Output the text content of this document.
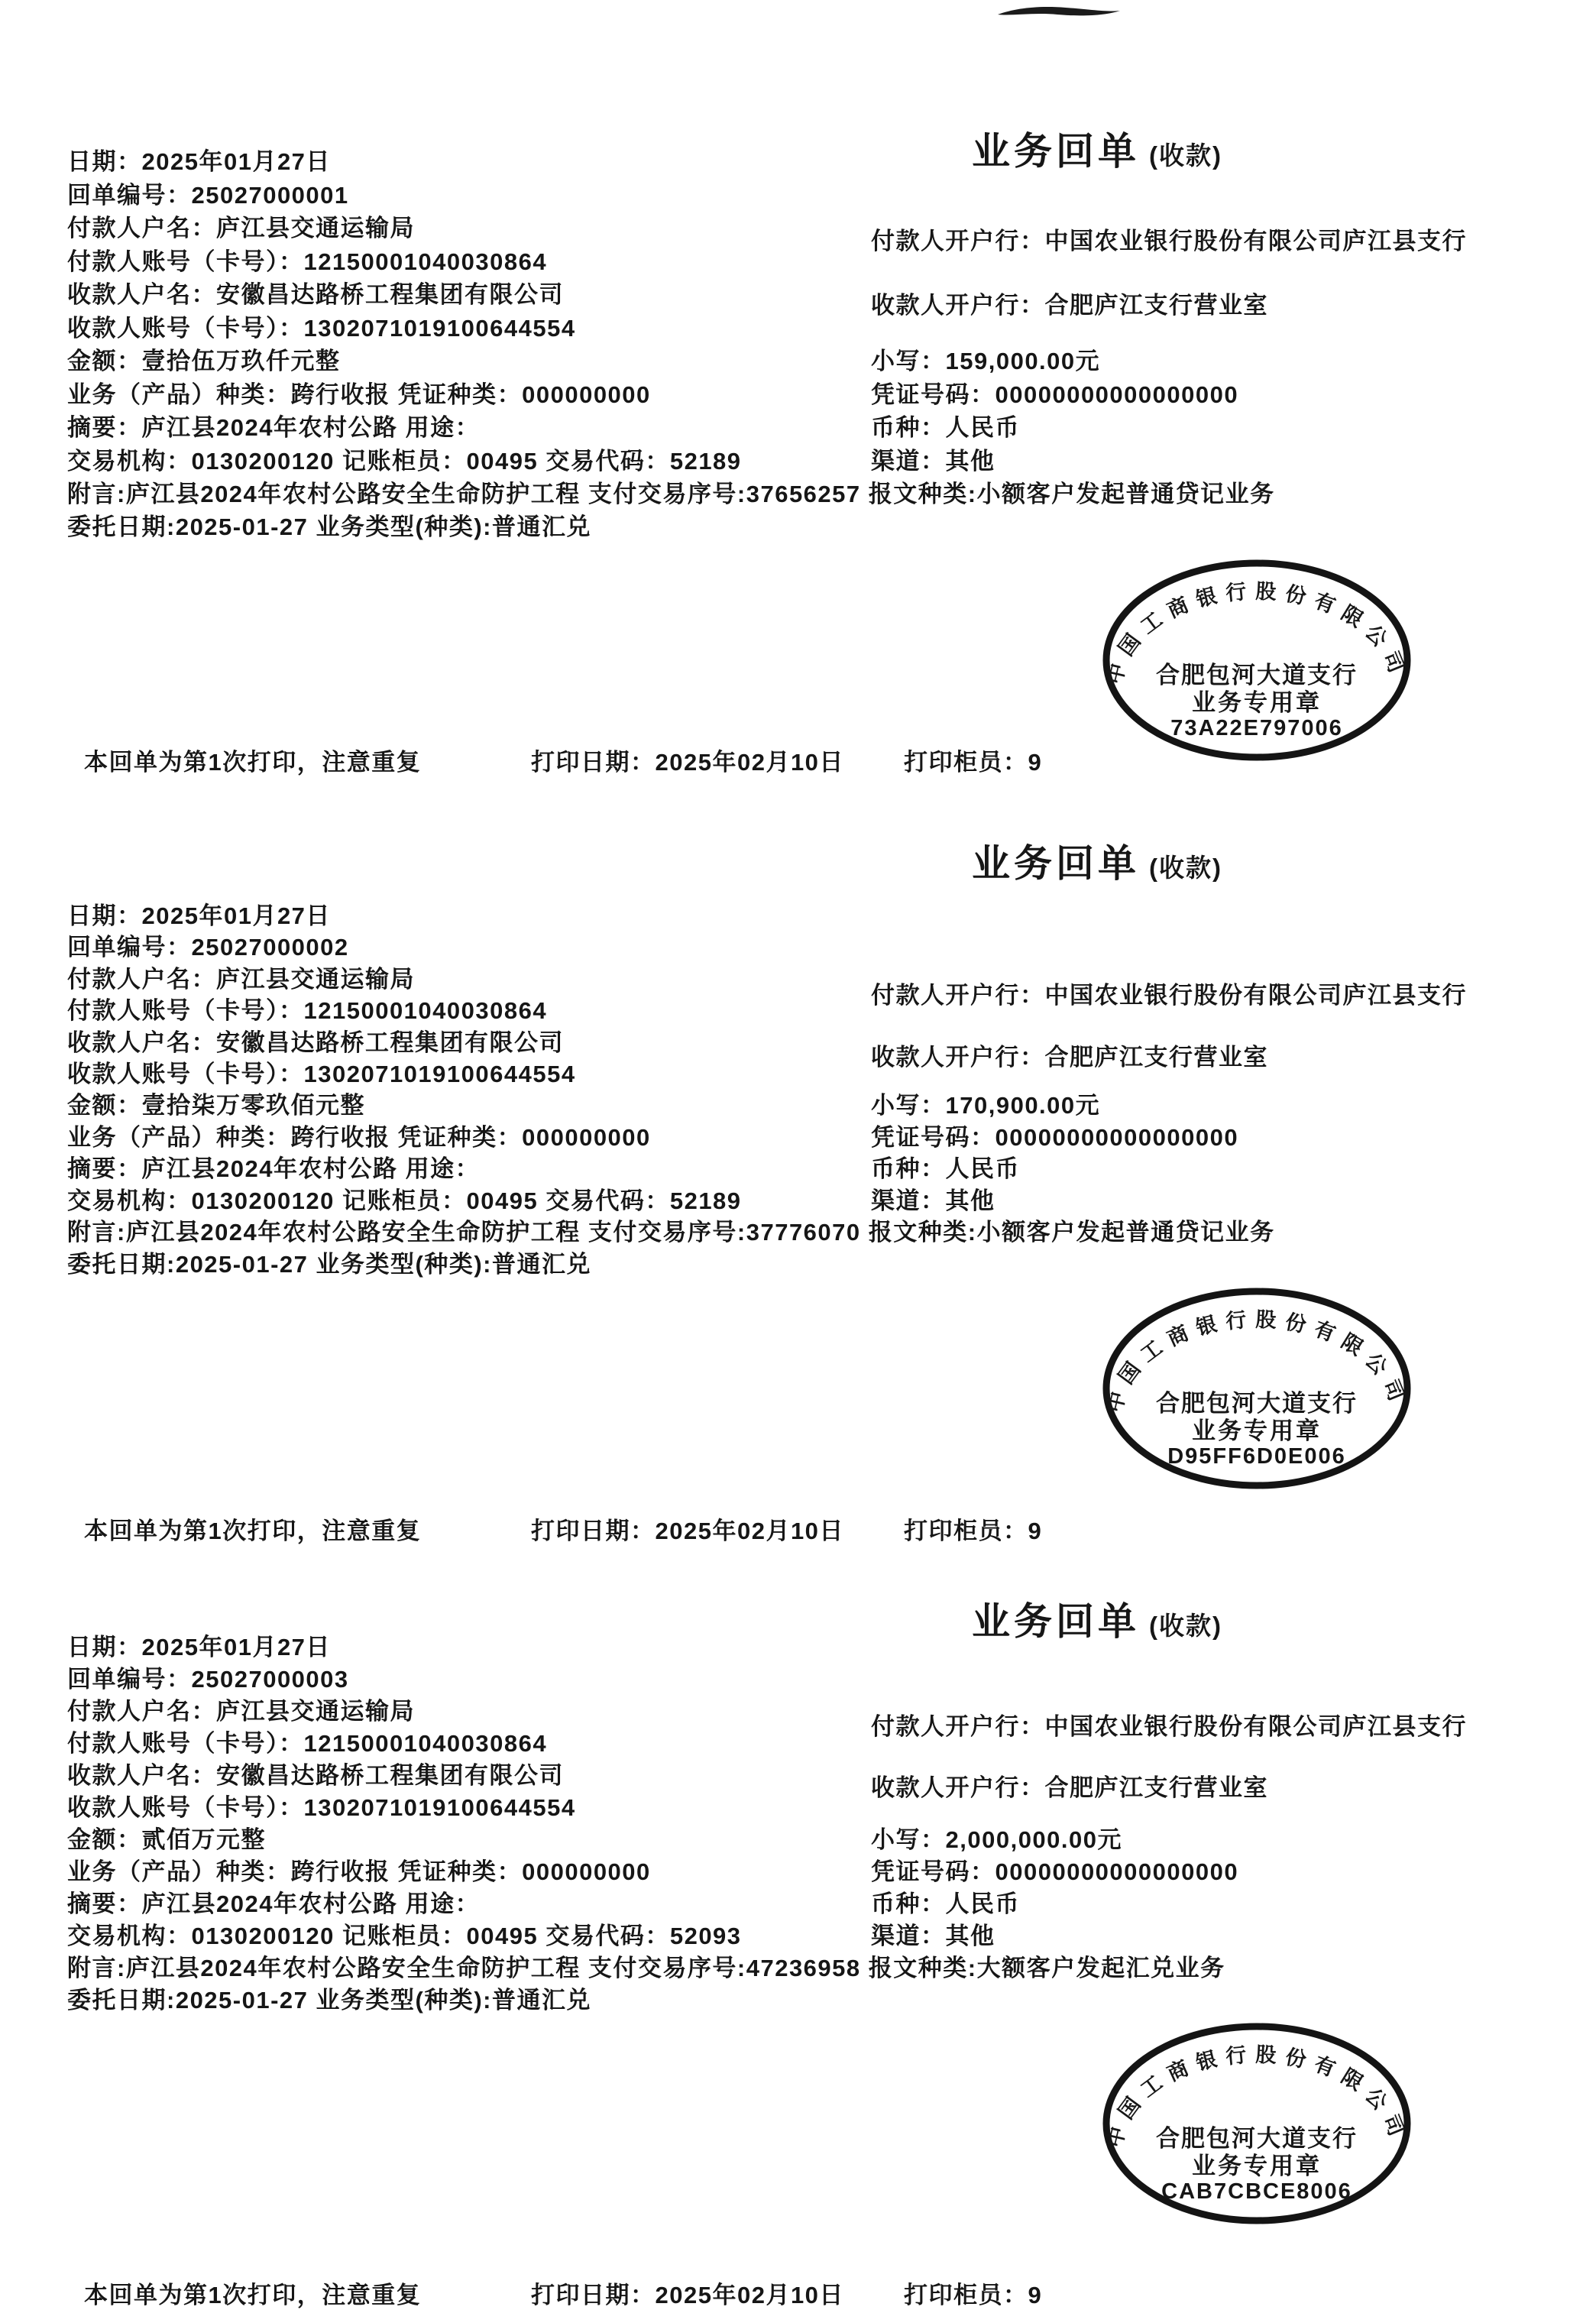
业务回单 (收款)
日期：2025年01月27日
回单编号：25027000001
付款人户名：庐江县交通运输局
付款人账号（卡号）：12150001040030864
收款人户名：安徽昌达路桥工程集团有限公司
收款人账号（卡号）：1302071019100644554
金额：壹拾伍万玖仟元整
业务（产品）种类：跨行收报 凭证种类：000000000
摘要：庐江县2024年农村公路 用途：
交易机构：0130200120 记账柜员：00495 交易代码：52189
附言:庐江县2024年农村公路安全生命防护工程 支付交易序号:37656257 报文种类:小额客户发起普通贷记业务
委托日期:2025-01-27 业务类型(种类):普通汇兑
付款人开户行：中国农业银行股份有限公司庐江县支行
收款人开户行：合肥庐江支行营业室
小写：159,000.00元
凭证号码：00000000000000000
币种：人民币
渠道：其他
中国工商银行股份有限公司
合肥包河大道支行
业务专用章
73A22E797006
本回单为第1次打印，注意重复	打印日期：2025年02月10日	打印柜员：9
业务回单 (收款)
日期：2025年01月27日
回单编号：25027000002
付款人户名：庐江县交通运输局
付款人账号（卡号）：12150001040030864
收款人户名：安徽昌达路桥工程集团有限公司
收款人账号（卡号）：1302071019100644554
金额：壹拾柒万零玖佰元整
业务（产品）种类：跨行收报 凭证种类：000000000
摘要：庐江县2024年农村公路 用途：
交易机构：0130200120 记账柜员：00495 交易代码：52189
附言:庐江县2024年农村公路安全生命防护工程 支付交易序号:37776070 报文种类:小额客户发起普通贷记业务
委托日期:2025-01-27 业务类型(种类):普通汇兑
付款人开户行：中国农业银行股份有限公司庐江县支行
收款人开户行：合肥庐江支行营业室
小写：170,900.00元
凭证号码：00000000000000000
币种：人民币
渠道：其他
中国工商银行股份有限公司
合肥包河大道支行
业务专用章
D95FF6D0E006
本回单为第1次打印，注意重复	打印日期：2025年02月10日	打印柜员：9
业务回单 (收款)
日期：2025年01月27日
回单编号：25027000003
付款人户名：庐江县交通运输局
付款人账号（卡号）：12150001040030864
收款人户名：安徽昌达路桥工程集团有限公司
收款人账号（卡号）：1302071019100644554
金额：贰佰万元整
业务（产品）种类：跨行收报 凭证种类：000000000
摘要：庐江县2024年农村公路 用途：
交易机构：0130200120 记账柜员：00495 交易代码：52093
附言:庐江县2024年农村公路安全生命防护工程 支付交易序号:47236958 报文种类:大额客户发起汇兑业务
委托日期:2025-01-27 业务类型(种类):普通汇兑
付款人开户行：中国农业银行股份有限公司庐江县支行
收款人开户行：合肥庐江支行营业室
小写：2,000,000.00元
凭证号码：00000000000000000
币种：人民币
渠道：其他
中国工商银行股份有限公司
合肥包河大道支行
业务专用章
CAB7CBCE8006
本回单为第1次打印，注意重复	打印日期：2025年02月10日	打印柜员：9
